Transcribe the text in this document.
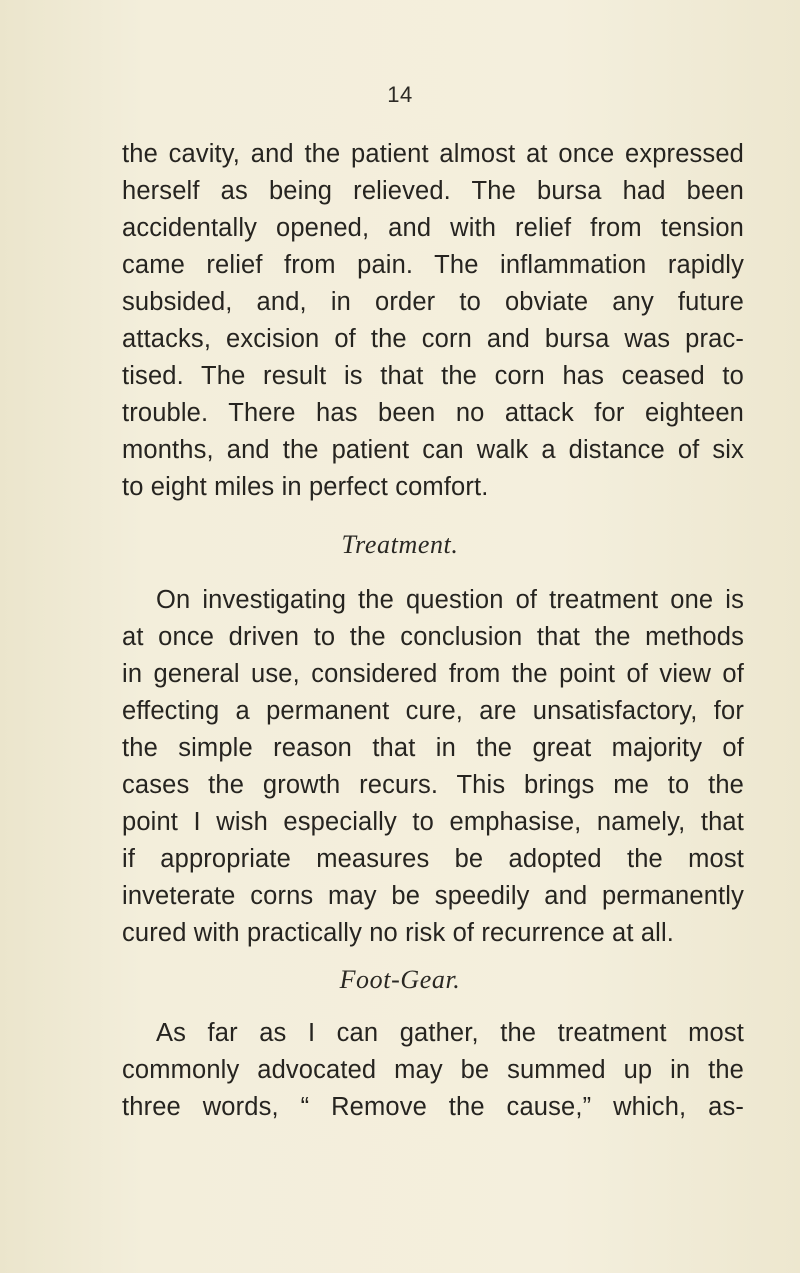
14
the cavity, and the patient almost at once expressed
herself as being relieved. The bursa had been
accidentally opened, and with relief from tension
came relief from pain. The inflammation rapidly
subsided, and, in order to obviate any future
attacks, excision of the corn and bursa was prac-
tised. The result is that the corn has ceased to
trouble. There has been no attack for eighteen
months, and the patient can walk a distance of six
to eight miles in perfect comfort.
Treatment.
On investigating the question of treatment one is
at once driven to the conclusion that the methods
in general use, considered from the point of view of
effecting a permanent cure, are unsatisfactory, for
the simple reason that in the great majority of
cases the growth recurs. This brings me to the
point I wish especially to emphasise, namely, that
if appropriate measures be adopted the most
inveterate corns may be speedily and permanently
cured with practically no risk of recurrence at all.
Foot-Gear.
As far as I can gather, the treatment most
commonly advocated may be summed up in the
three words, “ Remove the cause,” which, as-
